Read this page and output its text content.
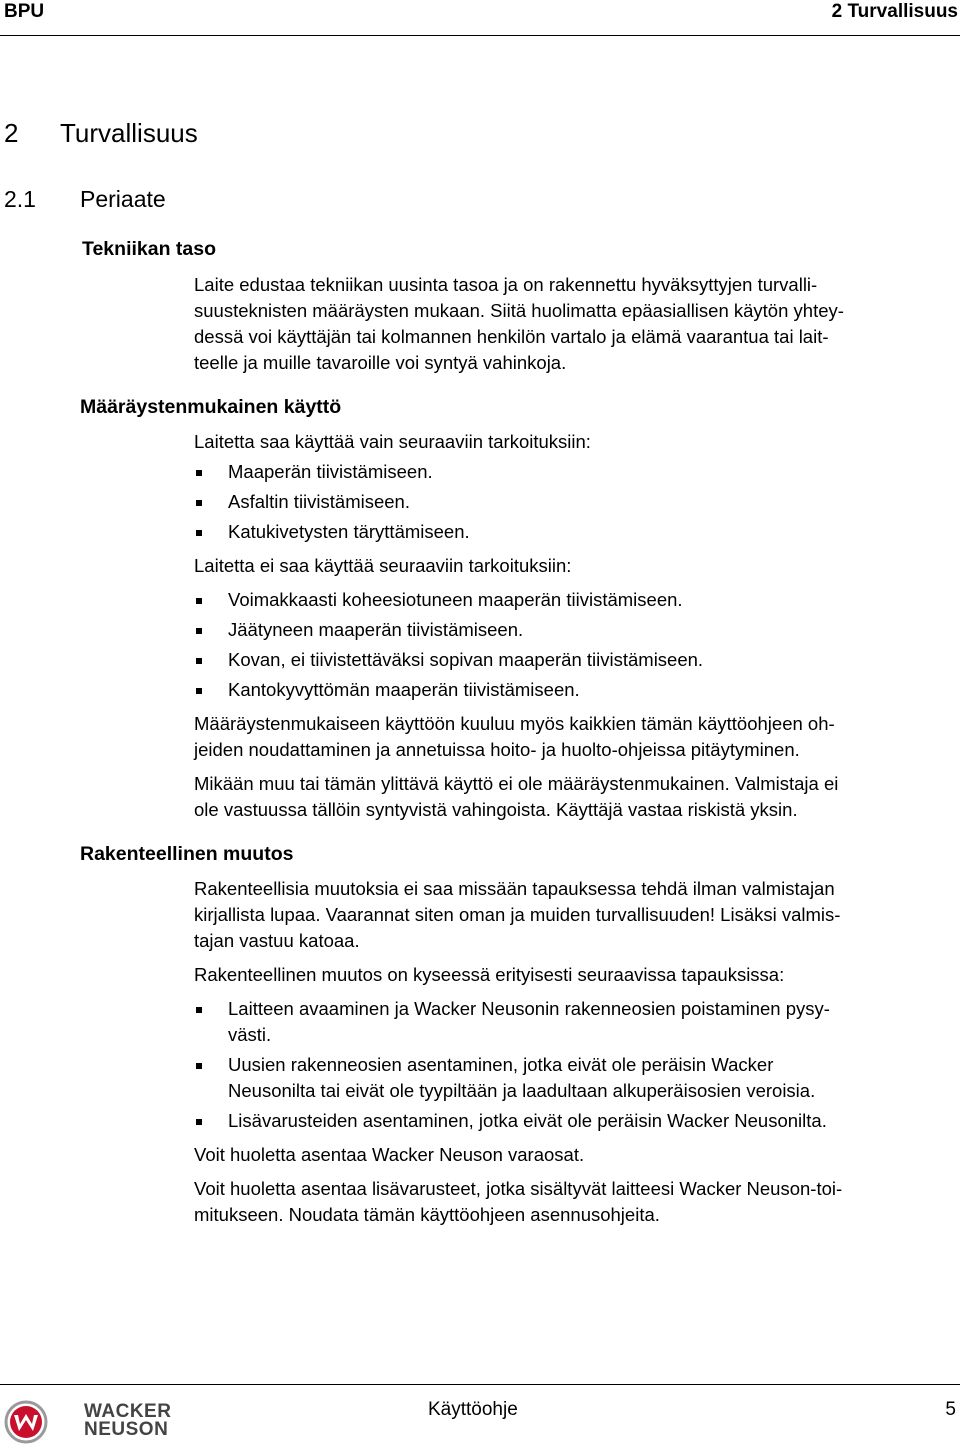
BPU	2 Turvallisuus
2 Turvallisuus
2.1 Periaate
Tekniikan taso
Laite edustaa tekniikan uusinta tasoa ja on rakennettu hyväksyttyjen turvalli-
suusteknisten määräysten mukaan. Siitä huolimatta epäasiallisen käytön yhtey-
dessä voi käyttäjän tai kolmannen henkilön vartalo ja elämä vaarantua tai lait-
teelle ja muille tavaroille voi syntyä vahinkoja.
Määräystenmukainen käyttö
Laitetta saa käyttää vain seuraaviin tarkoituksiin:
Maaperän tiivistämiseen.
Asfaltin tiivistämiseen.
Katukivetysten täryttämiseen.
Laitetta ei saa käyttää seuraaviin tarkoituksiin:
Voimakkaasti koheesiotuneen maaperän tiivistämiseen.
Jäätyneen maaperän tiivistämiseen.
Kovan, ei tiivistettäväksi sopivan maaperän tiivistämiseen.
Kantokyvyttömän maaperän tiivistämiseen.
Määräystenmukaiseen käyttöön kuuluu myös kaikkien tämän käyttöohjeen oh-
jeiden noudattaminen ja annetuissa hoito- ja huolto-ohjeissa pitäytyminen.
Mikään muu tai tämän ylittävä käyttö ei ole määräystenmukainen. Valmistaja ei
ole vastuussa tällöin syntyvistä vahingoista. Käyttäjä vastaa riskistä yksin.
Rakenteellinen muutos
Rakenteellisia muutoksia ei saa missään tapauksessa tehdä ilman valmistajan
kirjallista lupaa. Vaarannat siten oman ja muiden turvallisuuden! Lisäksi valmis-
tajan vastuu katoaa.
Rakenteellinen muutos on kyseessä erityisesti seuraavissa tapauksissa:
Laitteen avaaminen ja Wacker Neusonin rakenneosien poistaminen pysy-
västi.
Uusien rakenneosien asentaminen, jotka eivät ole peräisin Wacker
Neusonilta tai eivät ole tyypiltään ja laadultaan alkuperäisosien veroisia.
Lisävarusteiden asentaminen, jotka eivät ole peräisin Wacker Neusonilta.
Voit huoletta asentaa Wacker Neuson varaosat.
Voit huoletta asentaa lisävarusteet, jotka sisältyvät laitteesi Wacker Neuson-toi-
mitukseen. Noudata tämän käyttöohjeen asennusohjeita.
WACKER
NEUSON
Käyttöohje	5
